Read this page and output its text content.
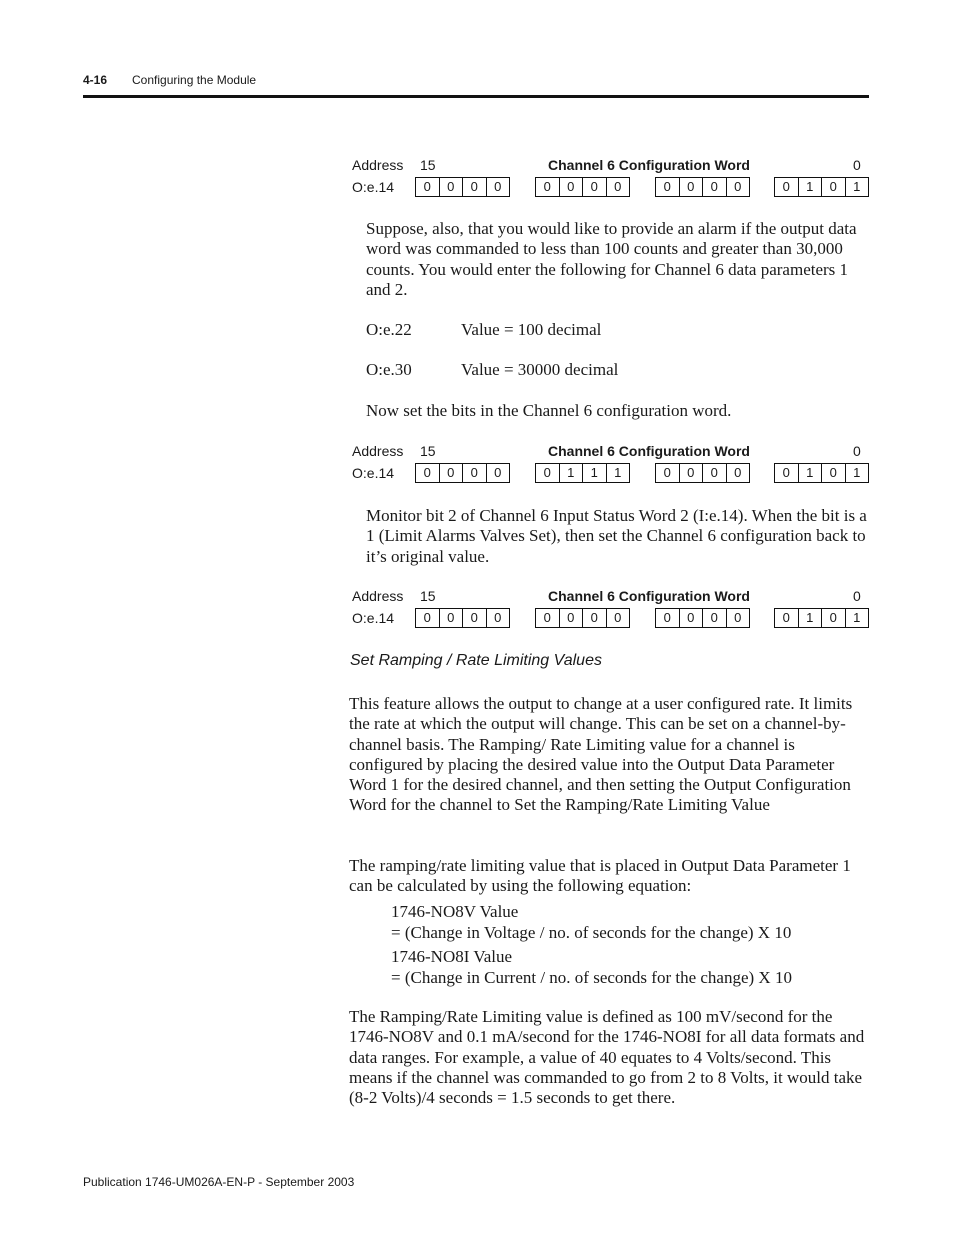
4-16 Configuring the Module
Address 15	Channel 6 Configuration Word	0
O:e.14	0	0	0	0	0	0	0	0	0	0	0	0	0	1	0	1
Suppose, also, that you would like to provide an alarm if the output data word was commanded to less than 100 counts and greater than 30,000 counts. You would enter the following for Channel 6 data parameters 1 and 2.
O:e.22	Value = 100 decimal
O:e.30	Value = 30000 decimal
Now set the bits in the Channel 6 configuration word.
Address 15	Channel 6 Configuration Word	0
O:e.14	0	0	0	0	0	1	1	1	0	0	0	0	0	1	0	1
Monitor bit 2 of Channel 6 Input Status Word 2 (I:e.14). When the bit is a 1 (Limit Alarms Valves Set), then set the Channel 6 configuration back to it’s original value.
Address 15	Channel 6 Configuration Word	0
O:e.14	0	0	0	0	0	0	0	0	0	0	0	0	0	1	0	1
Set Ramping / Rate Limiting Values
This feature allows the output to change at a user configured rate. It limits the rate at which the output will change. This can be set on a channel-by-channel basis. The Ramping/ Rate Limiting value for a channel is configured by placing the desired value into the Output Data Parameter Word 1 for the desired channel, and then setting the Output Configuration Word for the channel to Set the Ramping/Rate Limiting Value
The ramping/rate limiting value that is placed in Output Data Parameter 1 can be calculated by using the following equation:
1746-NO8V Value
= (Change in Voltage / no. of seconds for the change) X 10
1746-NO8I Value
= (Change in Current / no. of seconds for the change) X 10
The Ramping/Rate Limiting value is defined as 100 mV/second for the 1746-NO8V and 0.1 mA/second for the 1746-NO8I for all data formats and data ranges. For example, a value of 40 equates to 4 Volts/second. This means if the channel was commanded to go from 2 to 8 Volts, it would take (8-2 Volts)/4 seconds = 1.5 seconds to get there.
Publication 1746-UM026A-EN-P - September 2003
